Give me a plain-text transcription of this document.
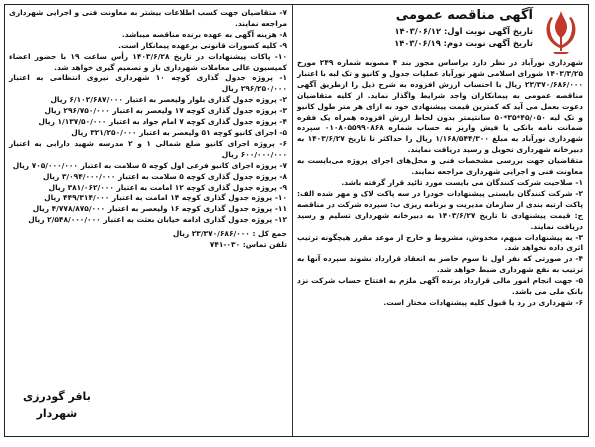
آگهی مناقصه عمومی
تاریخ آگهی نوبت اول: ۱۴۰۳/۰۶/۱۲
تاریخ آگهی نوبت دوم: ۱۴۰۳/۰۶/۱۹

شهرداری نورآباد در نظر دارد براساس مجوز بند ۴ مصوبه شماره ۲۴۹ مورخ ۱۴۰۳/۳/۲۵ شورای اسلامی شهر نورآباد عملیات جدول و کانیو و تک لبه با اعتبار ۲۳/۳۷۰/۶۸۶/۰۰۰ ریال با احتساب ارزش افزوده به شرح ذیل را ازطریق آگهی مناقصه عمومی به پیمانکاران واجد شرایط واگذار نماید. از کلیه متقاضیان دعوت بعمل می آید که کمترین قیمت پیشنهادی خود به ازای هر متر طول کانیو و تک لبه ۴۵/۰۵۰*۳۵*۵۰ سانتیمتر بدون لحاظ ارزش افزوده همراه یک فقره ضمانت نامه بانکی یا فیش واریز به حساب شماره ۰۱۰۸۰۵۵۹۹۰۸۶۸ سپرده شهرداری نورآباد به مبلغ ۱/۱۶۸/۵۴۴/۳۰۰ ریال را حداکثر تا تاریخ ۱۴۰۳/۶/۲۷ به دبیرخانه شهرداری تحویل و رسید دریافت نمایند.

متقاضیان جهت بررسی مشخصات فنی و محل‌های اجرای پروژه می‌بایست به معاونت فنی و اجرایی شهرداری مراجعه نمایند.

۱- صلاحیت شرکت کنندگان می بایست مورد تائید قرار گرفته باشد.

۲- شرکت کنندگان بایستی پیشنهادات خودرا در سه پاکت لاک و مهر شده الف: پاکت ارتبه بندی از سازمان مدیریت و برنامه ریزی ب: سپرده شرکت در مناقصه ج: قیمت پیشنهادی تا تاریخ ۱۴۰۳/۶/۲۷ به دبیرخانه شهرداری تسلیم و رسید دریافت نمایند.

۳- به پیشنهادات مبهم، مخدوش، مشروط و خارج از موعد مقرر هیچگونه ترتیب اثری داده نخواهد شد.

۴- در صورتی که نفر اول تا سوم حاضر به انعقاد قرارداد نشوند سپرده آنها به ترتیب به نفع شهرداری ضبط خواهد شد.

۵- جهت انجام امور مالی قرارداد برنده آگهی ملزم به افتتاح حساب شرکت نزد بانک ملی می باشد.

۶- شهرداری در رد یا قبول کلیه پیشنهادات مختار است.

۷- متقاضیان جهت کسب اطلاعات بیشتر به معاونت فنی و اجرایی شهرداری مراجعه نمایند.

۸- هزینه آگهی به عهده برنده مناقصه میباشد.

۹- کلیه کسورات قانونی برعهده پیمانکار است.

۱۰- پاکات پیشنهادات در تاریخ ۱۴۰۳/۶/۲۸ رأس ساعت ۱۹ با حضور اعضاء کمیسیون عالی معاملات شهرداری باز و تصمیم گیری خواهد شد.

۱- پروژه جدول گذاری کوچه ۱۰ شهرداری نیروی انتظامی به اعتبار ۲۹۶/۲۵۰/۰۰۰ ریال

۲- پروژه جدول گذاری بلوار ولیعصر به اعتبار ۶/۱۰۲/۶۸۷/۰۰۰ ریال

۳- پروژه جدول گذاری کوچه ۱۷ ولیعصر به اعتبار ۲۹۶/۷۵۰/۰۰۰ ریال

۴- پروژه جدول گذاری کوچه ۷ امام جواد به اعتبار ۱/۱۳۷/۵۰/۰۰۰ ریال

۵- اجرای کانیو کوچه ۵۱ ولیعصر به اعتبار ۳۲۱/۲۵۰/۰۰۰ ریال

۶- پروژه اجرای کانیو ضلع شمالی ۱ و ۲ مدرسه شهید دارابی به اعتبار ۶۰۰/۰۰۰/۰۰۰ ریال

۷- پروژه اجرای کانیو فرعی اول کوچه ۵ سلامت به اعتبار ۷۰۵/۰۰۰/۰۰۰ ریال

۸- پروژه جدول گذاری کوچه ۵ سلامت به اعتبار ۳/۰۹۴/۰۰۰/۰۰۰ ریال

۹- پروژه جدول گذاری کوچه ۱۲ امامت به اعتبار ۳۸۱/۰۶۲/۰۰۰ ریال

۱۰- پروژه جدول گذاری کوچه ۱۴ امامت به اعتبار ۴۴۹/۳۱۴/۰۰۰ ریال

۱۱- پروژه جدول گذاری کوچه ۱۶ ولیعصر به اعتبار ۴/۷۷۸/۸۷۵/۰۰۰ ریال

۱۲- پروژه جدول گذاری ادامه خیابان بعثت به اعتبار ۲/۵۴۸/۰۰۰/۰۰۰ ریال

جمع کل : ۲۳/۳۷۰/۶۸۶/۰۰۰ ریال

تلفن تماس: ۰۳۰-۷۴۱

باقر گودرزی
شهردار
